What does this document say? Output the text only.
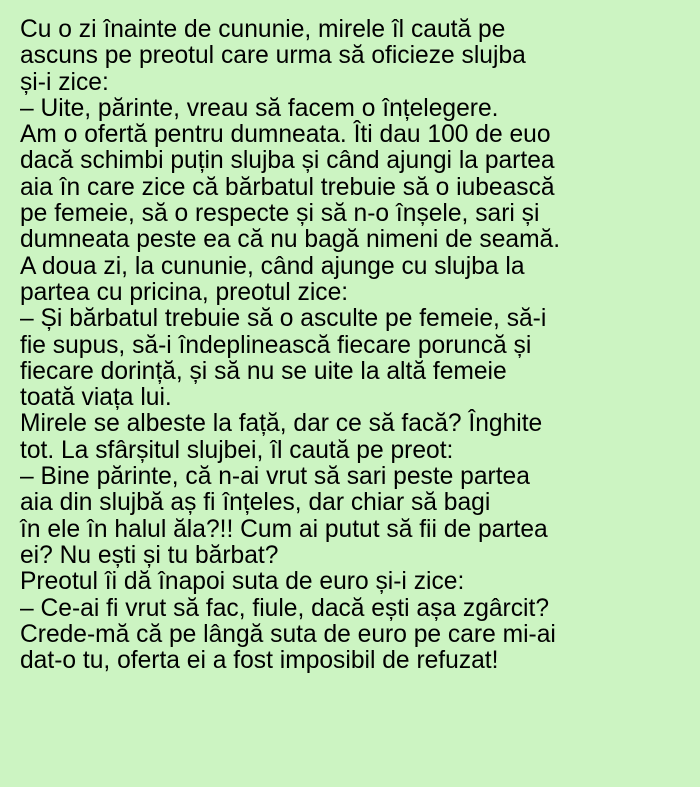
Cu o zi înainte de cununie, mirele îl caută pe
ascuns pe preotul care urma să oficieze slujba
și-i zice:
– Uite, părinte, vreau să facem o înțelegere.
Am o ofertă pentru dumneata. Îti dau 100 de euo
dacă schimbi puțin slujba și când ajungi la partea
aia în care zice că bărbatul trebuie să o iubească
pe femeie, să o respecte și să n-o înșele, sari și
dumneata peste ea că nu bagă nimeni de seamă.
A doua zi, la cununie, când ajunge cu slujba la
partea cu pricina, preotul zice:
– Și bărbatul trebuie să o asculte pe femeie, să-i
fie supus, să-i îndeplinească fiecare poruncă și
fiecare dorință, și să nu se uite la altă femeie
toată viața lui.
Mirele se albeste la față, dar ce să facă? Înghite
tot. La sfârșitul slujbei, îl caută pe preot:
– Bine părinte, că n-ai vrut să sari peste partea
aia din slujbă aș fi înțeles, dar chiar să bagi
în ele în halul ăla?!! Cum ai putut să fii de partea
ei? Nu ești și tu bărbat?
Preotul îi dă înapoi suta de euro și-i zice:
– Ce-ai fi vrut să fac, fiule, dacă ești așa zgârcit?
Crede-mă că pe lângă suta de euro pe care mi-ai
dat-o tu, oferta ei a fost imposibil de refuzat!
